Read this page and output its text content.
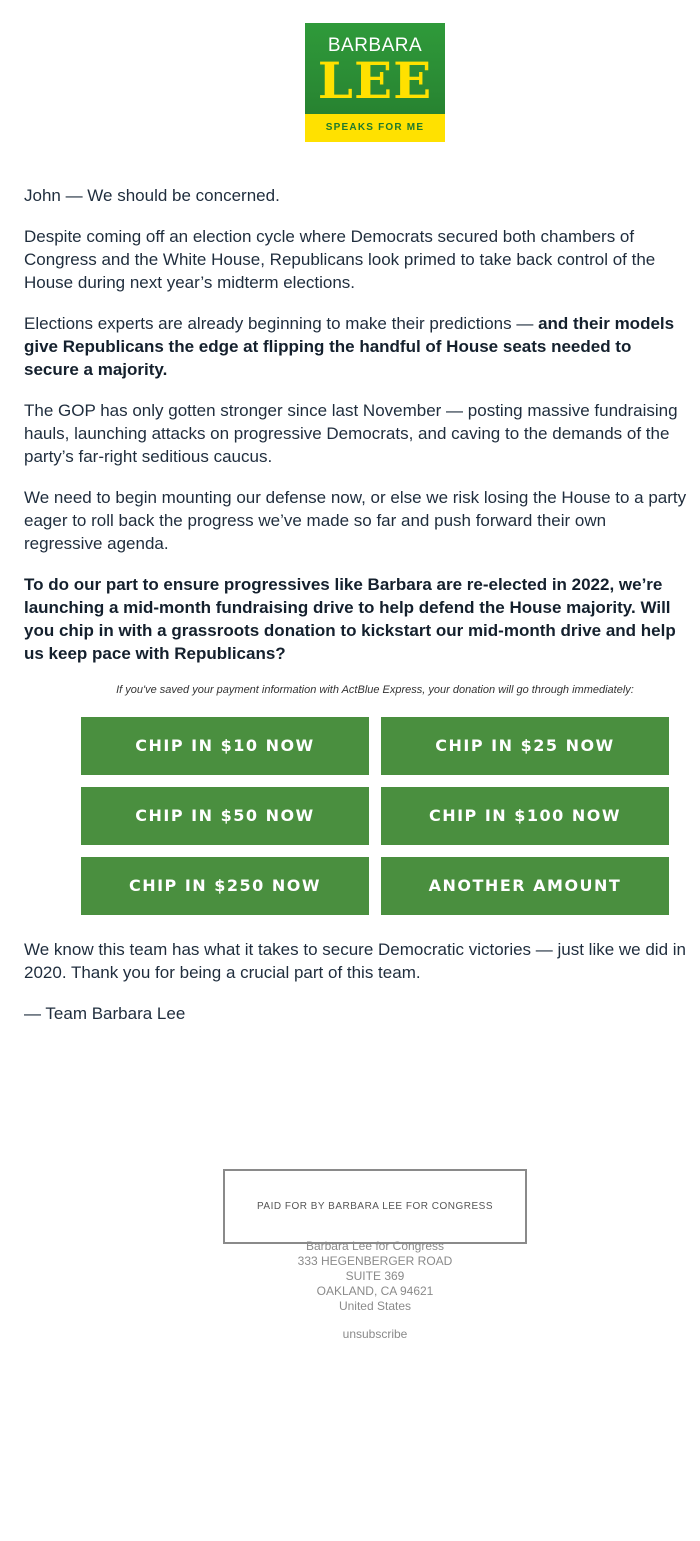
BARBARA
LEE
SPEAKS FOR ME

John — We should be concerned.

Despite coming off an election cycle where Democrats secured both chambers of
Congress and the White House, Republicans look primed to take back control of the
House during next year’s midterm elections.

Elections experts are already beginning to make their predictions — and their models
give Republicans the edge at flipping the handful of House seats needed to
secure a majority.

The GOP has only gotten stronger since last November — posting massive fundraising
hauls, launching attacks on progressive Democrats, and caving to the demands of the
party’s far-right seditious caucus.

We need to begin mounting our defense now, or else we risk losing the House to a party
eager to roll back the progress we’ve made so far and push forward their own
regressive agenda.

To do our part to ensure progressives like Barbara are re-elected in 2022, we’re
launching a mid-month fundraising drive to help defend the House majority. Will
you chip in with a grassroots donation to kickstart our mid-month drive and help
us keep pace with Republicans?

If you've saved your payment information with ActBlue Express, your donation will go through immediately:
CHIP IN $10 NOW	CHIP IN $25 NOW
CHIP IN $50 NOW	CHIP IN $100 NOW
CHIP IN $250 NOW	ANOTHER AMOUNT

We know this team has what it takes to secure Democratic victories — just like we did in
2020. Thank you for being a crucial part of this team.

— Team Barbara Lee

PAID FOR BY BARBARA LEE FOR CONGRESS
Barbara Lee for Congress
333 HEGENBERGER ROAD
SUITE 369
OAKLAND, CA 94621
United States
unsubscribe
